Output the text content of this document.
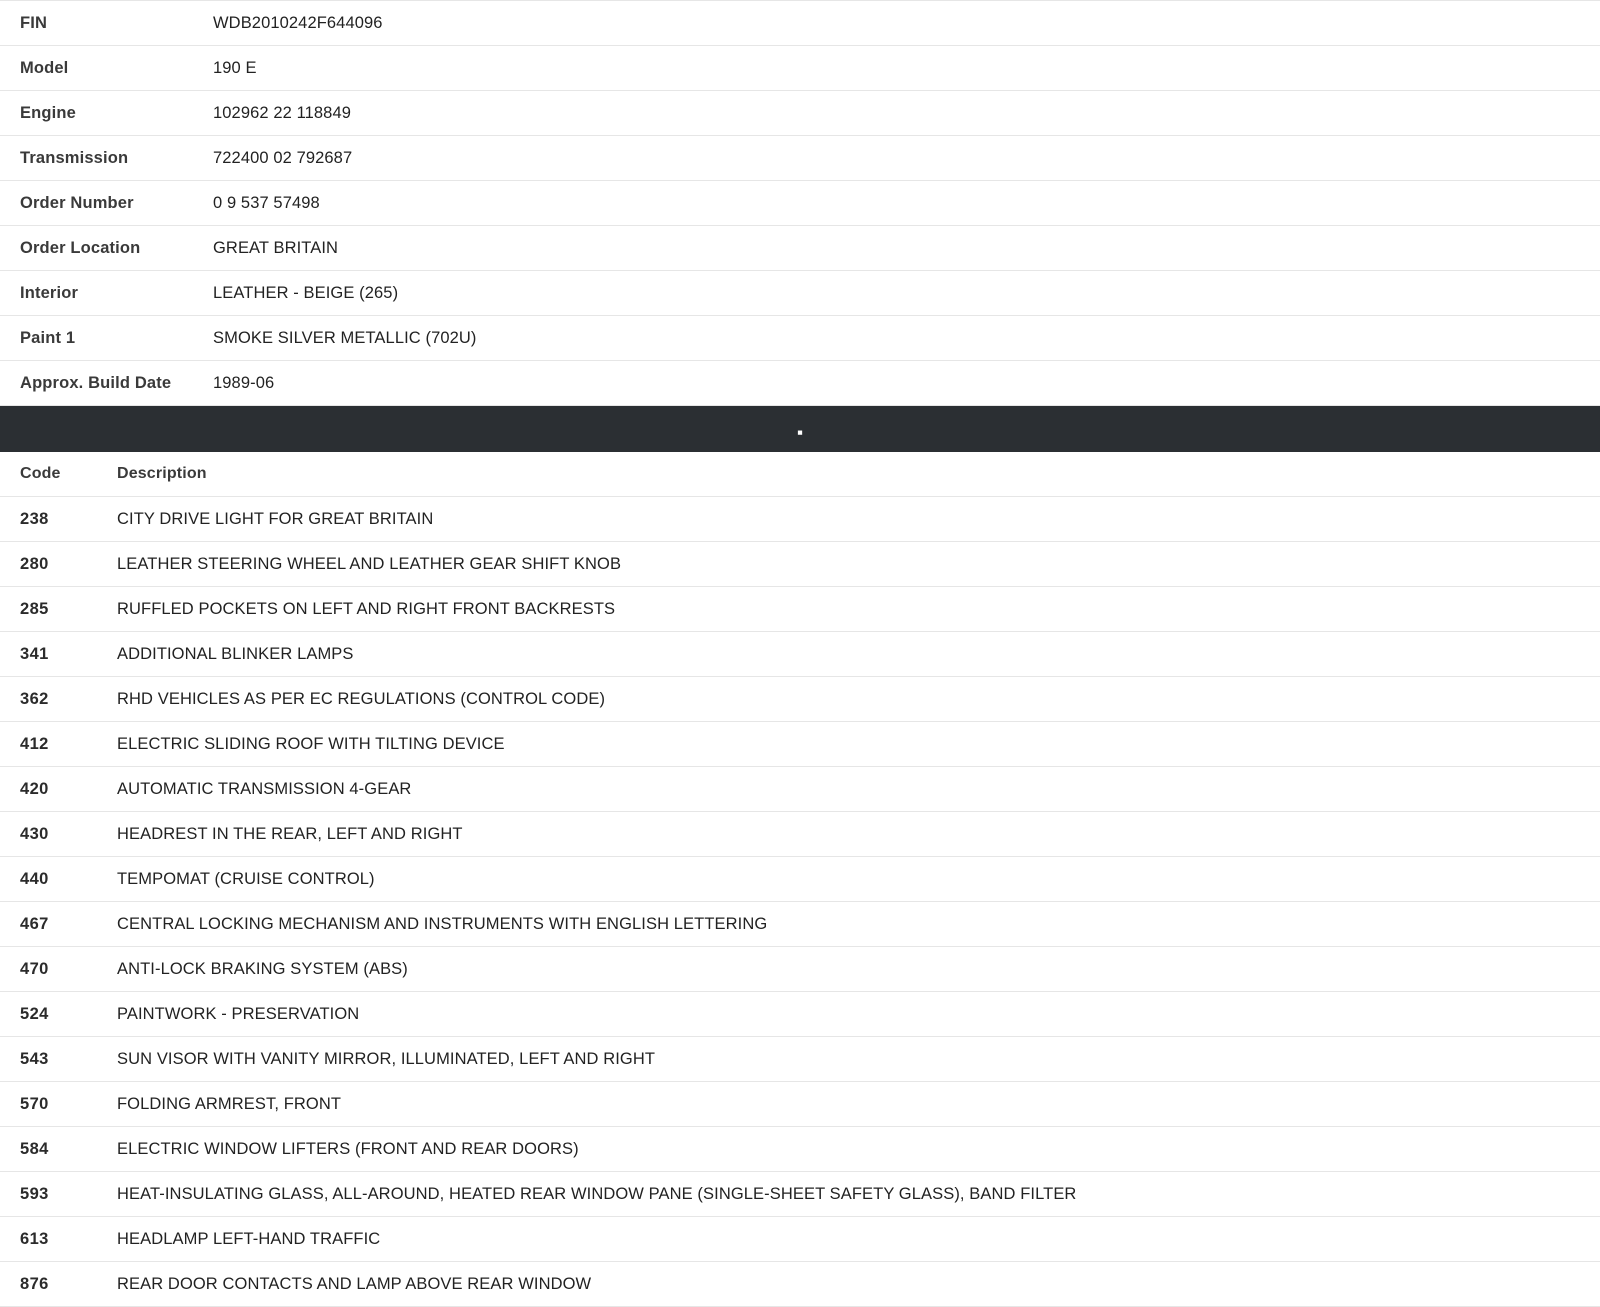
FIN	WDB2010242F644096
Model	190 E
Engine	102962 22 118849
Transmission	722400 02 792687
Order Number	0 9 537 57498
Order Location	GREAT BRITAIN
Interior	LEATHER - BEIGE (265)
Paint 1	SMOKE SILVER METALLIC (702U)
Approx. Build Date	1989-06
▪
Code	Description
238	CITY DRIVE LIGHT FOR GREAT BRITAIN
280	LEATHER STEERING WHEEL AND LEATHER GEAR SHIFT KNOB
285	RUFFLED POCKETS ON LEFT AND RIGHT FRONT BACKRESTS
341	ADDITIONAL BLINKER LAMPS
362	RHD VEHICLES AS PER EC REGULATIONS (CONTROL CODE)
412	ELECTRIC SLIDING ROOF WITH TILTING DEVICE
420	AUTOMATIC TRANSMISSION 4-GEAR
430	HEADREST IN THE REAR, LEFT AND RIGHT
440	TEMPOMAT (CRUISE CONTROL)
467	CENTRAL LOCKING MECHANISM AND INSTRUMENTS WITH ENGLISH LETTERING
470	ANTI-LOCK BRAKING SYSTEM (ABS)
524	PAINTWORK - PRESERVATION
543	SUN VISOR WITH VANITY MIRROR, ILLUMINATED, LEFT AND RIGHT
570	FOLDING ARMREST, FRONT
584	ELECTRIC WINDOW LIFTERS (FRONT AND REAR DOORS)
593	HEAT-INSULATING GLASS, ALL-AROUND, HEATED REAR WINDOW PANE (SINGLE-SHEET SAFETY GLASS), BAND FILTER
613	HEADLAMP LEFT-HAND TRAFFIC
876	REAR DOOR CONTACTS AND LAMP ABOVE REAR WINDOW
